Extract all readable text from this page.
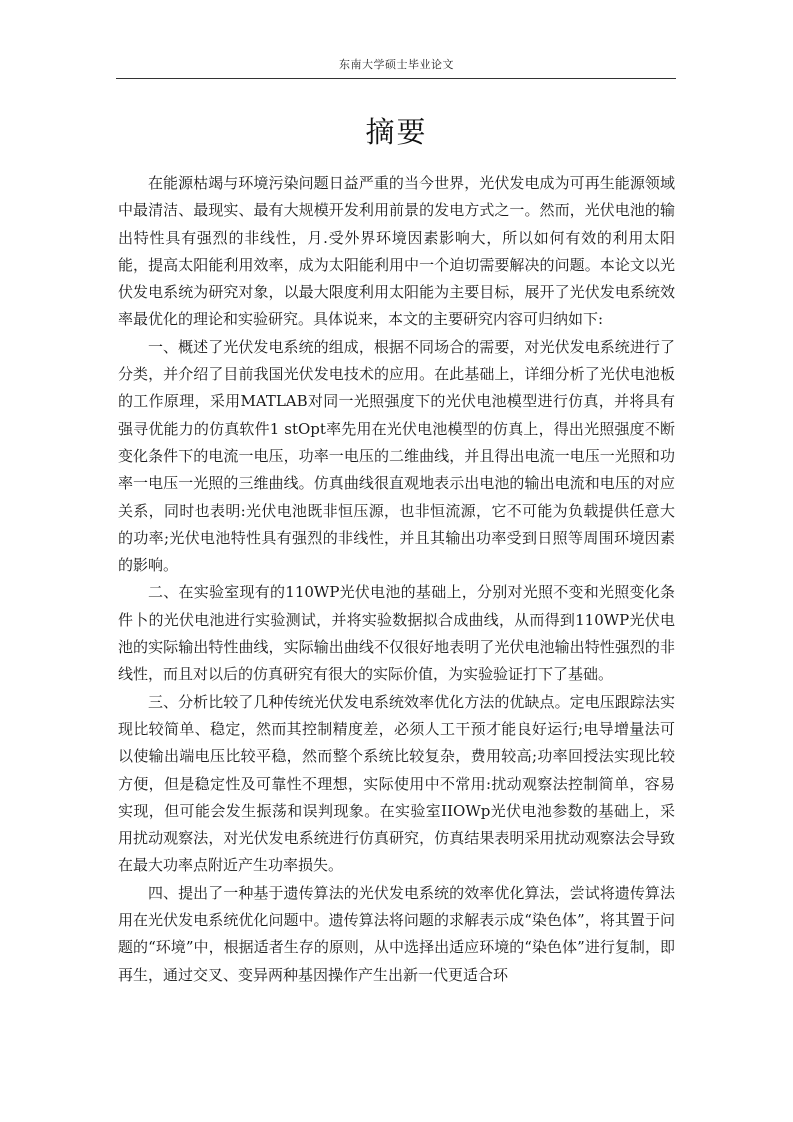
东南大学硕士毕业论文
摘要

在能源枯竭与环境污染问题日益严重的当今世界，光伏发电成为可再生能源领域中最清洁、最现实、最有大规模开发利用前景的发电方式之一。然而，光伏电池的输出特性具有强烈的非线性，月.受外界环境因素影响大，所以如何有效的利用太阳能，提高太阳能利用效率，成为太阳能利用中一个迫切需要解决的问题。本论文以光伏发电系统为研究对象，以最大限度利用太阳能为主要目标，展开了光伏发电系统效率最优化的理论和实验研究。具体说来，本文的主要研究内容可归纳如下:

一、概述了光伏发电系统的组成，根据不同场合的需要，对光伏发电系统进行了分类，并介绍了目前我国光伏发电技术的应用。在此基础上，详细分析了光伏电池板的工作原理，采用MATLAB对同一光照强度下的光伏电池模型进行仿真，并将具有强寻优能力的仿真软件1 stOpt率先用在光伏电池模型的仿真上，得出光照强度不断变化条件下的电流一电压，功率一电压的二维曲线，并且得出电流一电压一光照和功率一电压一光照的三维曲线。仿真曲线很直观地表示出电池的输出电流和电压的对应关系，同时也表明:光伏电池既非恒压源，也非恒流源，它不可能为负载提供任意大的功率;光伏电池特性具有强烈的非线性，并且其输出功率受到日照等周围环境因素的影响。

二、在实验室现有的110WP光伏电池的基础上，分别对光照不变和光照变化条件卜的光伏电池进行实验测试，并将实验数据拟合成曲线，从而得到110WP光伏电池的实际输出特性曲线，实际输出曲线不仅很好地表明了光伏电池输出特性强烈的非线性，而且对以后的仿真研究有很大的实际价值，为实验验证打下了基础。

三、分析比较了几种传统光伏发电系统效率优化方法的优缺点。定电压跟踪法实现比较简单、稳定，然而其控制精度差，必须人工干预才能良好运行;电导增量法可以使输出端电压比较平稳，然而整个系统比较复杂，费用较高;功率回授法实现比较方便，但是稳定性及可靠性不理想，实际使用中不常用:扰动观察法控制简单，容易实现，但可能会发生振荡和误判现象。在实验室IIOWp光伏电池参数的基础上，采用扰动观察法，对光伏发电系统进行仿真研究，仿真结果表明采用扰动观察法会导致在最大功率点附近产生功率损失。

四、提出了一种基于遗传算法的光伏发电系统的效率优化算法，尝试将遗传算法用在光伏发电系统优化问题中。遗传算法将问题的求解表示成“染色体”，将其置于问题的“环境”中，根据适者生存的原则，从中选择出适应环境的“染色体”进行复制，即再生，通过交叉、变异两种基因操作产生出新一代更适合环
